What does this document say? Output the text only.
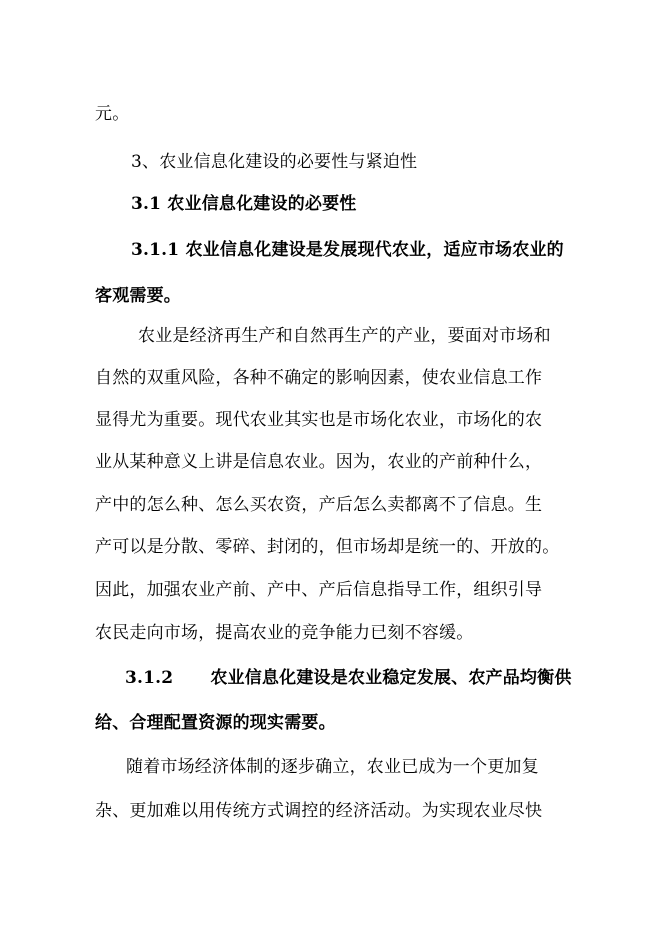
元。
3、农业信息化建设的必要性与紧迫性
3.1 农业信息化建设的必要性
3.1.1 农业信息化建设是发展现代农业，适应市场农业的
客观需要。
农业是经济再生产和自然再生产的产业，要面对市场和
自然的双重风险，各种不确定的影响因素，使农业信息工作
显得尤为重要。现代农业其实也是市场化农业，市场化的农
业从某种意义上讲是信息农业。因为，农业的产前种什么，
产中的怎么种、怎么买农资，产后怎么卖都离不了信息。生
产可以是分散、零碎、封闭的，但市场却是统一的、开放的。
因此，加强农业产前、产中、产后信息指导工作，组织引导
农民走向市场，提高农业的竞争能力已刻不容缓。
3.1.2 农业信息化建设是农业稳定发展、农产品均衡供
给、合理配置资源的现实需要。
随着市场经济体制的逐步确立，农业已成为一个更加复
杂、更加难以用传统方式调控的经济活动。为实现农业尽快
